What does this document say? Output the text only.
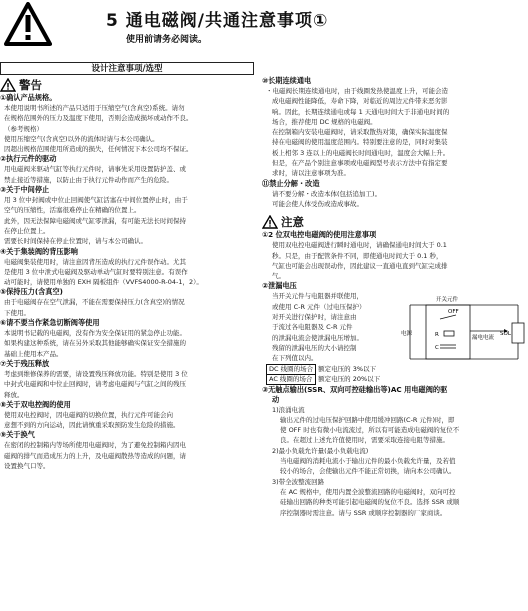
5 通电磁阀/共通注意事项①
使用前请务必阅读。
设计注意事项/选型
警告
①确认产品规格。
本使用说明书所述的产品只适用于压缩空气(含真空)系统。请勿
在规格范围外的压力及温度下使用，否则会造成损坏或动作不良。
（参考规格）
使用压缩空气(含真空)以外的流体时请与本公司确认。
因超出规格范围使用所造成的损失，任何情况下本公司均不保证。
②执行元件的驱动
用电磁阀来驱动气缸等执行元件时，请事先采用设置防护盖、或
禁止接近等措施，以防止由于执行元件动作而产生的危险。
③关于中间停止
用 3 位中封阀或中位止回阀使气缸活塞在中间位置停止时，由于
空气的压缩性，活塞很难停止在精确的位置上。
此外，因无法保障电磁阀或气缸零泄漏，有可能无法长时间保持
在停止位置上。
需要长时间保持在停止位置时，请与本公司确认。
④关于集装阀的背压影响
电磁阀集装使用时，请注意因背压造成的执行元件误作动。尤其
是使用 3 位中泄式电磁阀及驱动单动气缸时要特别注意。有误作
动可能时，请使用单独的 EXH 隔板组件（VVFS4000-R-04-1，2）。
⑤保持压力(含真空)
由于电磁阀存在空气泄漏，不能在需要保持压力(含真空)的情况
下使用。
⑥请不要当作紧急切断阀等使用
本说明书记载的电磁阀，没有作为安全保证用的紧急停止功能。
如果构建这种系统，请在另外采取其他能够确实保证安全措施的
基础上使用本产品。
⑦关于残压释放
考虑到维修保养的需要，请设置残压释放功能。特别是使用 3 位
中封式电磁阀和中位止回阀时，请考虑电磁阀与气缸之间的残压
释放。
⑧关于双电控阀的使用
使用双电控阀时，因电磁阀的切换位置，执行元件可能会向
意想不到的方向运动，因此请慎重采取预防发生危险的措施。
⑨关于换气
在密闭的控制箱内等场所使用电磁阀时，为了避免控制箱内因电
磁阀的排气而造成压力的上升，及电磁阀散热等造成的问题，请
设置换气口等。
⑩长期连续通电
・电磁阀长期连续通电时，由于线圈发热使温度上升，可能会造
成电磁阀性能降低，寿命下降，对临近的周边元件带来恶劣影
响。因此，长期连续通电或每 1 天通电时间大于非通电时间的
场合，推荐使用 DC 规格的电磁阀。
在控制箱内安装电磁阀时，请采取散热对策，确保实际温度保
持在电磁阀的使用温度范围内。特别要注意的是，同时对集装
板上相邻 3 连以上的电磁阀长时间通电时，温度会大幅上升。
但是，在产品个别注意事项或电磁阀型号表示方法中有指定要
求时，请以注意事项为准。
⑪禁止分解・改造
请不要分解・改造本体(包括追加工)。
可能会使人体受伤或造成事故。
注意
①2 位双电控电磁阀的使用注意事项
使用双电控电磁阀进行瞬时通电时，请确保通电时间大于 0.1
秒。只是，由于配管条件不同，即使通电时间大于 0.1 秒，
气缸也可能会出现误动作，因此建议一直通电直到气缸完成排
气。
②泄漏电压
当开关元件与电阻器并联使用，
或使用 C-R 元件（过电压保护）
对开关进行保护时，请注意由
于流过各电阻器及 C-R 元件
的泄漏电流会使泄漏电压增加。
残留的泄漏电压的大小请控制
在下列值以内。
开关元件
OFF
R
C
漏电电流
SOL
电源
DC 线圈的场合	额定电压的 3%以下
AC 线圈的场合	额定电压的 20%以下
③无触点输出(SSR、双向可控硅输出等)AC 用电磁阀的驱
动
1)浪涌电流
输出元件的过电压保护回路中使用缓冲回路(C-R 元件)时，即
使 OFF 时也有微小电流流过，所以有可能造成电磁阀的复位不
良。在超过上述允许值使用时，需要采取连接电阻等措施。
2)最小负载允许量(最小负载电流)
当电磁阀的消耗电流小于输出元件的最小负载允许量，及若值
较小的场合，会使输出元件不能正常切换，请向本公司确认。
3)带全波整流回路
在 AC 规格中，使用内置全波整流回路的电磁阀时，双向可控
硅输出回路的种类可能引起电磁阀的复位不良。选择 SSR 或顺
序控制器时需注意。请与 SSR 或顺序控制器的厂家商谈。
